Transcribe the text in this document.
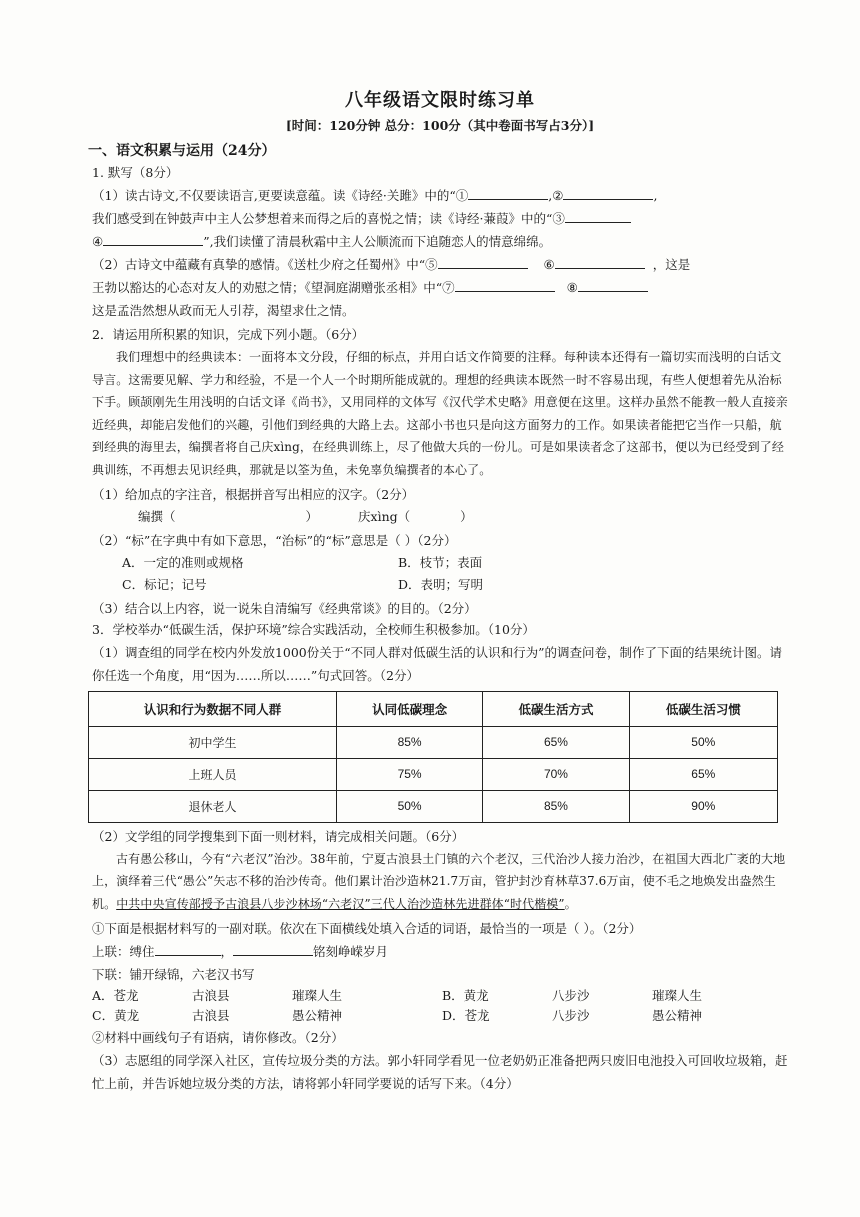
八年级语文限时练习单
[时间：120分钟 总分：100分（其中卷面书写占3分）]
一、语文积累与运用（24分）
1. 默写（8分）
（1）读古诗文,不仅要读语言,更要读意蕴。读《诗经·关雎》中的“①	,②	,
我们感受到在钟鼓声中主人公梦想着来而得之后的喜悦之情；读《诗经·蒹葭》中的“③
④	”,我们读懂了清晨秋霜中主人公顺流而下追随恋人的情意绵绵。
（2）古诗文中蕴藏有真挚的感情。《送杜少府之任蜀州》中“⑤	⑥	，这是
王勃以豁达的心态对友人的劝慰之情；《望洞庭湖赠张丞相》中“⑦	⑧
这是孟浩然想从政而无人引荐，渴望求仕之情。
2．请运用所积累的知识，完成下列小题。（6分）

我们理想中的经典读本：一面将本文分段，仔细的标点，并用白话文作简要的注释。每种读本还得有一篇切实而浅明的白话文导言。这需要见解、学力和经验，不是一个人一个时期所能成就的。理想的经典读本既然一时不容易出现，有些人便想着先从治标下手。顾颉刚先生用浅明的白话文译《尚书》，又用同样的文体写《汉代学术史略》用意便在这里。这样办虽然不能教一般人直接亲近经典，却能启发他们的兴趣，引他们到经典的大路上去。这部小书也只是向这方面努力的工作。如果读者能把它当作一只船，航到经典的海里去，编撰者将自己庆xìng，在经典训练上，尽了他做大兵的一份儿。可是如果读者念了这部书，便以为已经受到了经典训练，不再想去见识经典，那就是以筌为鱼，未免辜负编撰者的本心了。

（1）给加点的字注音，根据拼音写出相应的汉字。（2分）
编撰（	）	庆xìng（	）
（2）“标”在字典中有如下意思，“治标”的“标”意思是（ ）（2分）
A．一定的准则或规格	B．枝节；表面
C．标记；记号	D．表明；写明
（3）结合以上内容，说一说朱自清编写《经典常谈》的目的。（2分）
3．学校举办“低碳生活，保护环境”综合实践活动，全校师生积极参加。（10分）
（1）调查组的同学在校内外发放1000份关于“不同人群对低碳生活的认识和行为”的调查问卷，制作了下面的结果统计图。请你任选一个角度，用“因为……所以……”句式回答。（2分）
认识和行为数据不同人群	认同低碳理念	低碳生活方式	低碳生活习惯
初中学生	85%	65%	50%
上班人员	75%	70%	65%
退休老人	50%	85%	90%
（2）文学组的同学搜集到下面一则材料，请完成相关问题。（6分）

古有愚公移山，今有“六老汉”治沙。38年前，宁夏古浪县土门镇的六个老汉，三代治沙人接力治沙，在祖国大西北广袤的大地上，演绎着三代“愚公”矢志不移的治沙传奇。他们累计治沙造林21.7万亩，管护封沙育林草37.6万亩，使不毛之地焕发出盎然生机。中共中央宣传部授予古浪县八步沙林场“六老汉”三代人治沙造林先进群体“时代楷模”。

①下面是根据材料写的一副对联。依次在下面横线处填入合适的词语，最恰当的一项是（ ）。（2分）
上联：缚住	，	铭刻峥嵘岁月
下联：铺开绿锦，六老汉书写
A．苍龙	古浪县	璀璨人生	B．黄龙	八步沙	璀璨人生
C．黄龙	古浪县	愚公精神	D．苍龙	八步沙	愚公精神
②材料中画线句子有语病，请你修改。（2分）
（3）志愿组的同学深入社区，宣传垃圾分类的方法。郭小轩同学看见一位老奶奶正准备把两只废旧电池投入可回收垃圾箱，赶忙上前，并告诉她垃圾分类的方法，请将郭小轩同学要说的话写下来。（4分）
